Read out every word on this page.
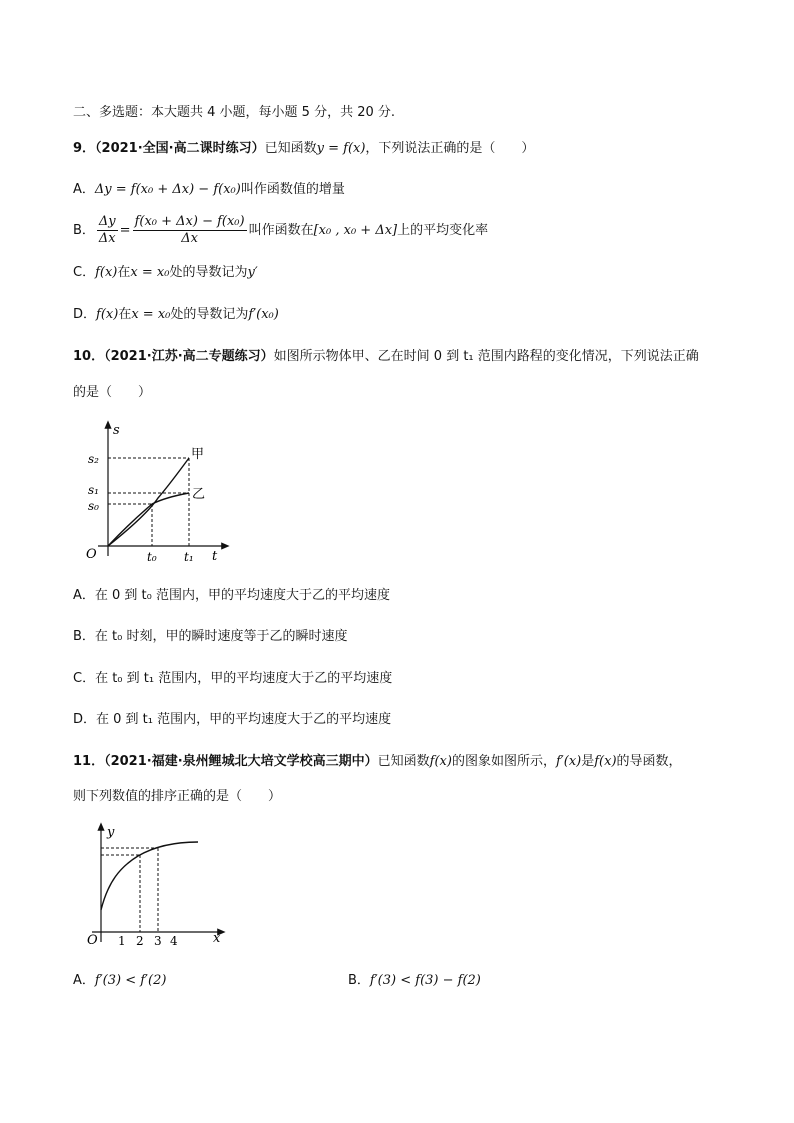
二、多选题：本大题共 4 小题，每小题 5 分，共 20 分.
9．（2021·全国·高二课时练习）已知函数y = f(x)，下列说法正确的是（　　）
A．Δy = f(x₀ + Δx) − f(x₀)叫作函数值的增量
B． $\frac{\Delta y}{\Delta x} = \frac{\text{f(x₀ + Δx) − f(x₀)}}{\Delta x}$ 叫作函数在[x₀ , x₀ + Δx]上的平均变化率
C．f(x)在x = x₀处的导数记为y′
D．f(x)在x = x₀处的导数记为f′(x₀)
10．（2021·江苏·高二专题练习）如图所示物体甲、乙在时间 0 到 t₁ 范围内路程的变化情况，下列说法正确
的是（　　）
s
t
O
s₂
s₁
s₀
t₀ t₁
甲
乙
A．在 0 到 t₀ 范围内，甲的平均速度大于乙的平均速度
B．在 t₀ 时刻，甲的瞬时速度等于乙的瞬时速度
C．在 t₀ 到 t₁ 范围内，甲的平均速度大于乙的平均速度
D．在 0 到 t₁ 范围内，甲的平均速度大于乙的平均速度
11．（2021·福建·泉州鲤城北大培文学校高三期中）已知函数f(x)的图象如图所示，f′(x)是f(x)的导函数，
则下列数值的排序正确的是（　　）
y
x
O 1 2 3 4
A．f′(3) < f′(2)	B．f′(3) < f(3) − f(2)
